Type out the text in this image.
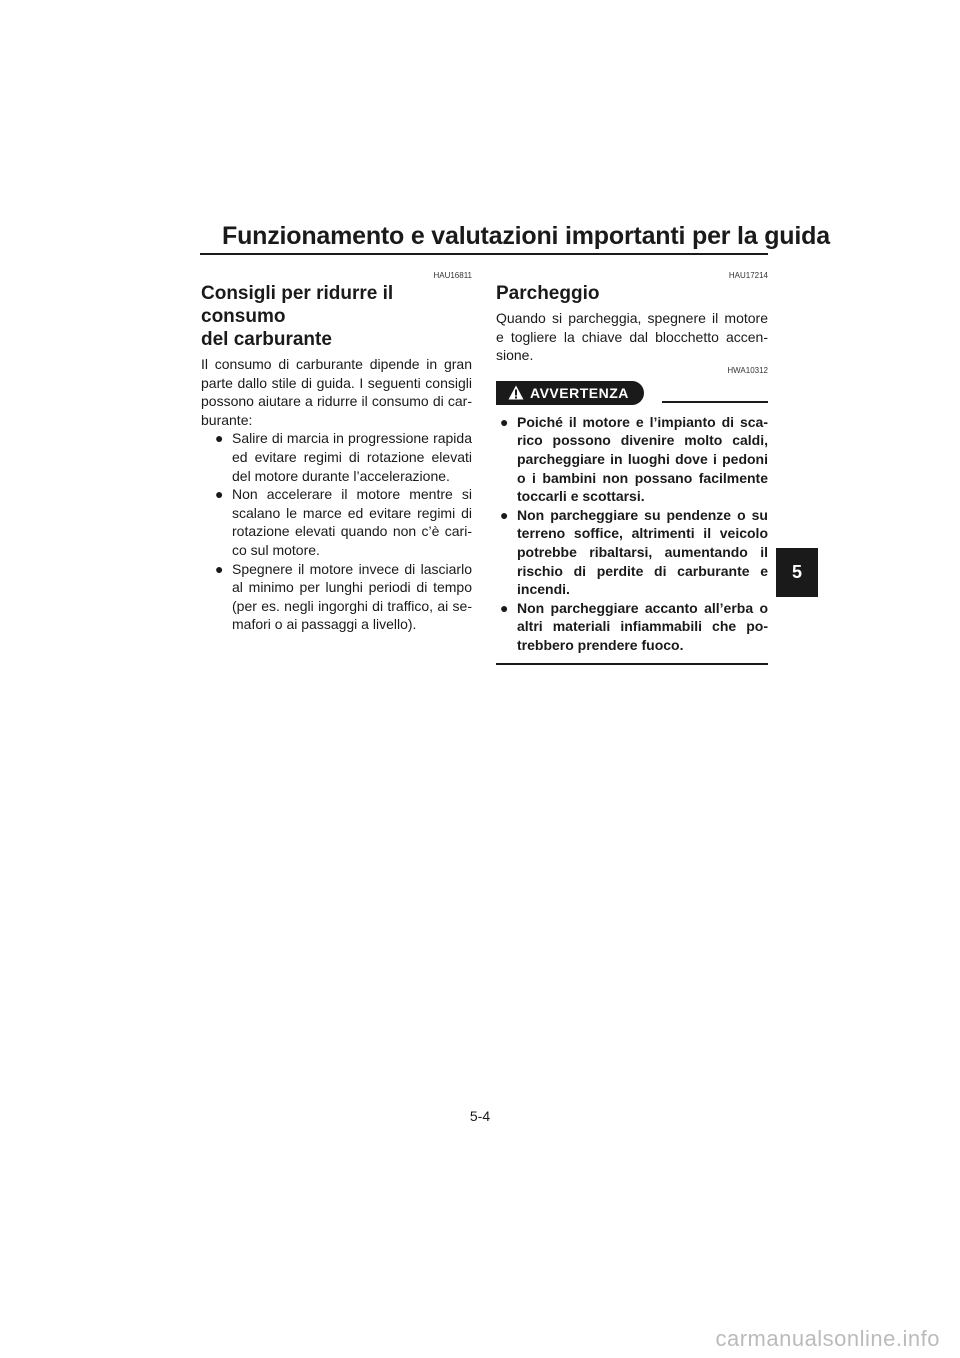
Funzionamento e valutazioni importanti per la guida
HAU16811
Consigli per ridurre il consumo
del carburante

Il consumo di carburante dipende in gran parte dallo stile di guida. I seguenti consigli possono aiutare a ridurre il consumo di carburante:

● Salire di marcia in progressione rapida ed evitare regimi di rotazione elevati del motore durante l’accelerazione.
● Non accelerare il motore mentre si scalano le marce ed evitare regimi di rotazione elevati quando non c’è carico sul motore.
● Spegnere il motore invece di lasciarlo al minimo per lunghi periodi di tempo (per es. negli ingorghi di traffico, ai semafori o ai passaggi a livello).
HAU17214
Parcheggio

Quando si parcheggia, spegnere il motore e togliere la chiave dal blocchetto accensione.

HWA10312
AVVERTENZA
● Poiché il motore e l’impianto di scarico possono divenire molto caldi, parcheggiare in luoghi dove i pedoni o i bambini non possano facilmente toccarli e scottarsi.
● Non parcheggiare su pendenze o su terreno soffice, altrimenti il veicolo potrebbe ribaltarsi, aumentando il rischio di perdite di carburante e incendi.
● Non parcheggiare accanto all’erba o altri materiali infiammabili che potrebbero prendere fuoco.
5
5-4
carmanualsonline.info
